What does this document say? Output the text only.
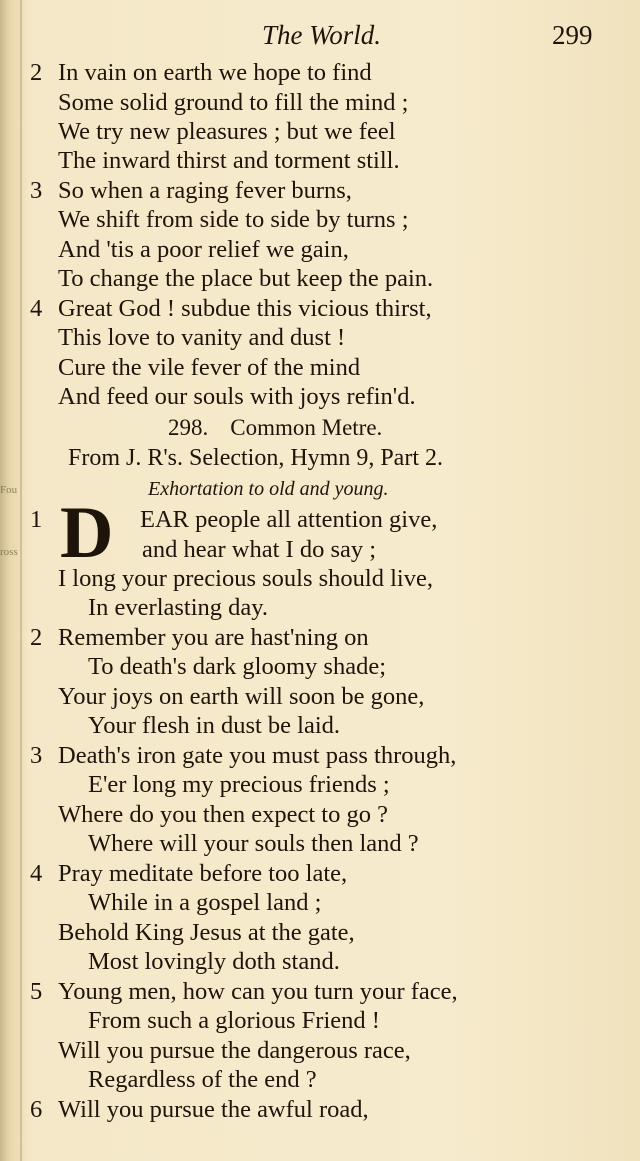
Fou
ross
The World.	299
2 In vain on earth we hope to find
Some solid ground to fill the mind ;
We try new pleasures ; but we feel
The inward thirst and torment still.
3 So when a raging fever burns,
We shift from side to side by turns ;
And 'tis a poor relief we gain,
To change the place but keep the pain.
4 Great God ! subdue this vicious thirst,
This love to vanity and dust !
Cure the vile fever of the mind
And feed our souls with joys refin'd.
298. Common Metre.
From J. R's. Selection, Hymn 9, Part 2.
Exhortation to old and young.
1 D EAR people all attention give,
and hear what I do say ;
I long your precious souls should live,
In everlasting day.
2 Remember you are hast'ning on
To death's dark gloomy shade;
Your joys on earth will soon be gone,
Your flesh in dust be laid.
3 Death's iron gate you must pass through,
E'er long my precious friends ;
Where do you then expect to go ?
Where will your souls then land ?
4 Pray meditate before too late,
While in a gospel land ;
Behold King Jesus at the gate,
Most lovingly doth stand.
5 Young men, how can you turn your face,
From such a glorious Friend !
Will you pursue the dangerous race,
Regardless of the end ?
6 Will you pursue the awful road,
